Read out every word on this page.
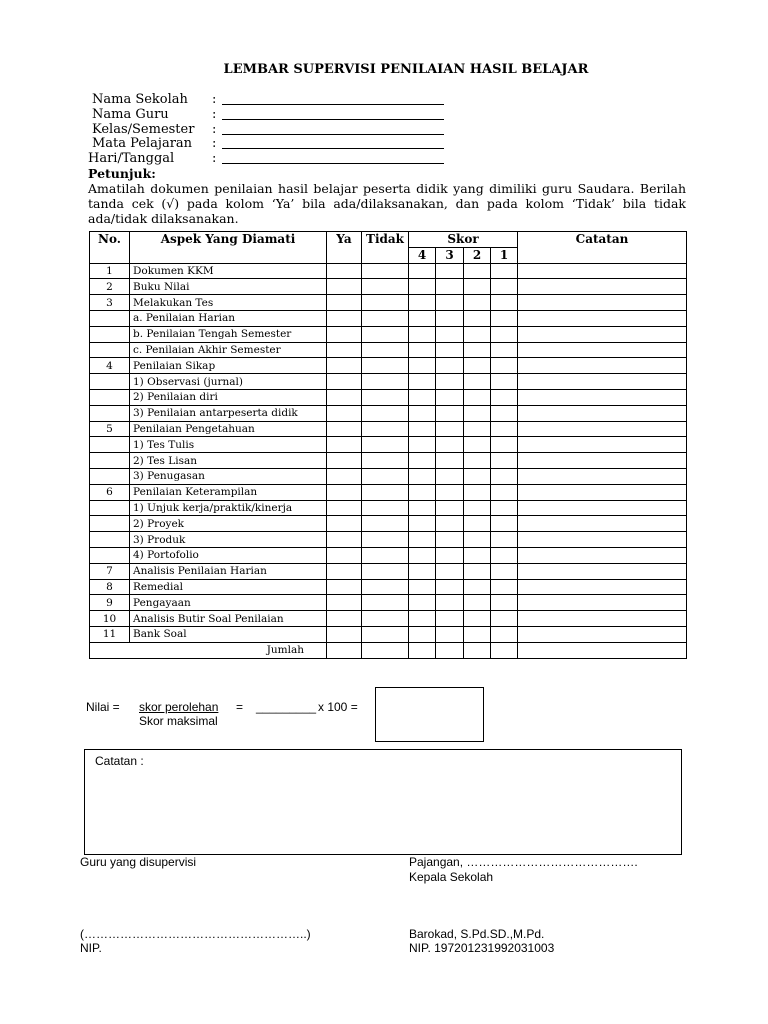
LEMBAR SUPERVISI PENILAIAN HASIL BELAJAR
Nama Sekolah :
Nama Guru	:
Kelas/Semester :
Mata Pelajaran :
Hari/Tanggal	:
Petunjuk:
Amatilah dokumen penilaian hasil belajar peserta didik yang dimiliki guru Saudara. Berilah tanda cek (√) pada kolom ‘Ya’ bila ada/dilaksanakan, dan pada kolom ‘Tidak’ bila tidak ada/tidak dilaksanakan.
No.	Aspek Yang Diamati	Ya	Tidak	Skor				Catatan
				4	3	2	1	
1	Dokumen KKM							
2	Buku Nilai							
3	Melakukan Tes							
	a. Penilaian Harian							
	b. Penilaian Tengah Semester							
	c. Penilaian Akhir Semester							
4	Penilaian Sikap							
	1) Observasi (jurnal)							
	2) Penilaian diri							
	3) Penilaian antarpeserta didik							
5	Penilaian Pengetahuan							
	1) Tes Tulis							
	2) Tes Lisan							
	3) Penugasan							
6	Penilaian Keterampilan							
	1) Unjuk kerja/praktik/kinerja							
	2) Proyek							
	3) Produk							
	4) Portofolio							
7	Analisis Penilaian Harian							
8	Remedial							
9	Pengayaan							
10	Analisis Butir Soal Penilaian							
11	Bank Soal							
Jumlah								
Nilai = skor perolehan = _________ x 100 =
Skor maksimal
Catatan :
Guru yang disupervisi
(………………………………………………..)
NIP.
Pajangan, …………………………………….
Kepala Sekolah
Barokad, S.Pd.SD.,M.Pd.
NIP. 197201231992031003
